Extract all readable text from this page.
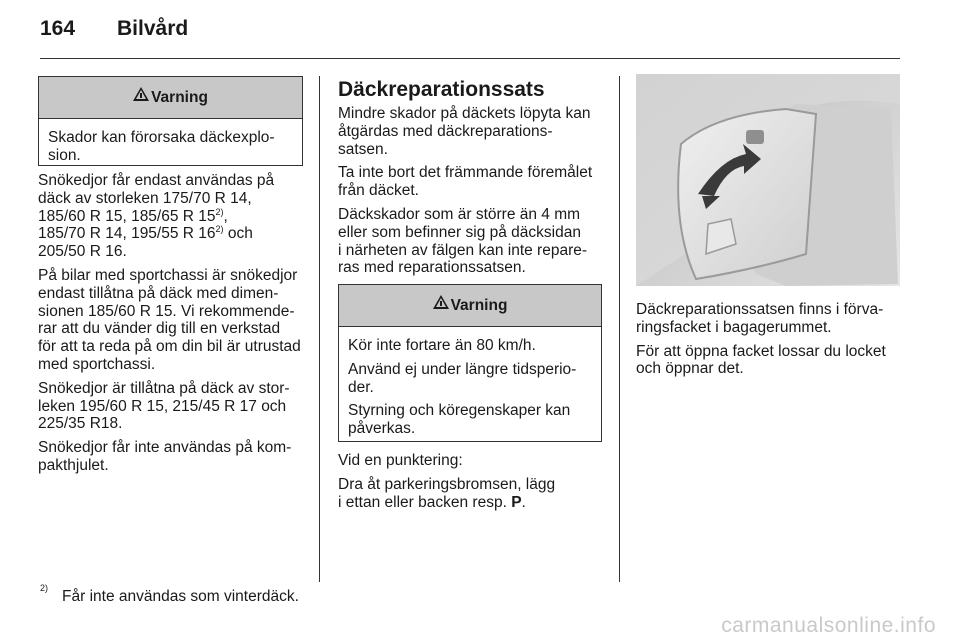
164 Bilvård
Varning
Skador kan förorsaka däckexplo-
sion.

Snökedjor får endast användas på
däck av storleken 175/70 R 14,
185/60 R 15, 185/65 R 15$^{2)}$,
185/70 R 14, 195/55 R 16$^{2)}$ och
205/50 R 16.

På bilar med sportchassi är snökedjor
endast tillåtna på däck med dimen-
sionen 185/60 R 15. Vi rekommende-
rar att du vänder dig till en verkstad
för att ta reda på om din bil är utrustad
med sportchassi.

Snökedjor är tillåtna på däck av stor-
leken 195/60 R 15, 215/45 R 17 och
225/35 R18.

Snökedjor får inte användas på kom-
pakthjulet.

Däckreparationssats

Mindre skador på däckets löpyta kan
åtgärdas med däckreparations-
satsen.

Ta inte bort det främmande föremålet
från däcket.

Däckskador som är större än 4 mm
eller som befinner sig på däcksidan
i närheten av fälgen kan inte repare-
ras med reparationssatsen.

Varning

Kör inte fortare än 80 km/h.

Använd ej under längre tidsperio-
der.

Styrning och köregenskaper kan
påverkas.

Vid en punktering:

Dra åt parkeringsbromsen, lägg
i ettan eller backen resp. P.

Däckreparationssatsen finns i förva-
ringsfacket i bagagerummet.

För att öppna facket lossar du locket
och öppnar det.

$^{2)}$Får inte användas som vinterdäck.
carmanualsonline.info
